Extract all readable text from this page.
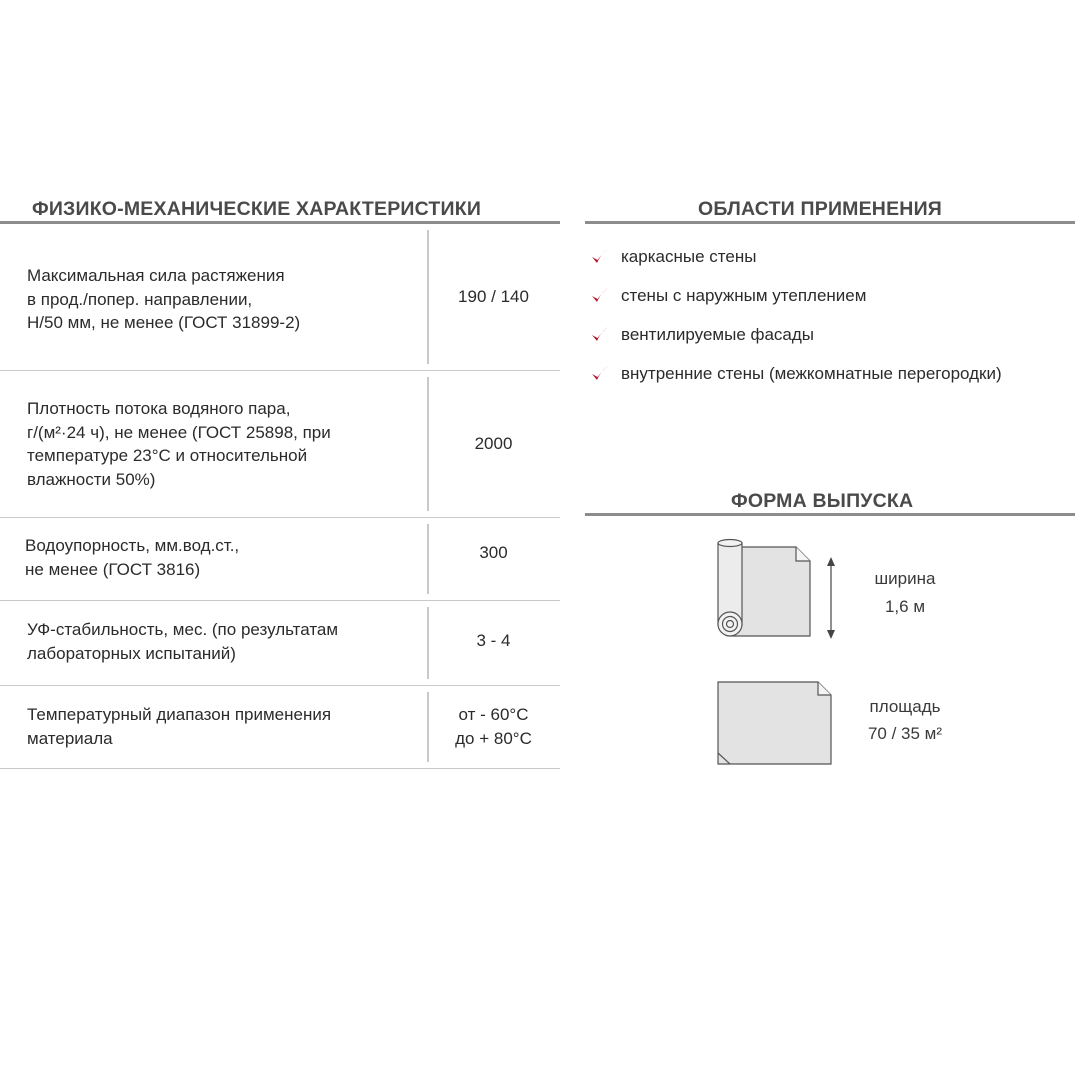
ФИЗИКО-МЕХАНИЧЕСКИЕ ХАРАКТЕРИСТИКИ
Максимальная сила растяжения
в прод./попер. направлении,
Н/50 мм, не менее (ГОСТ 31899-2)
190 / 140
Плотность потока водяного пара,
г/(м²·24 ч), не менее (ГОСТ 25898, при
температуре 23°С и относительной
влажности 50%)
2000
Водоупорность, мм.вод.ст.,
не менее (ГОСТ 3816)
300
УФ-стабильность, мес. (по результатам
лабораторных испытаний)
3 - 4
Температурный диапазон применения
материала
от - 60°С
до + 80°С
ОБЛАСТИ ПРИМЕНЕНИЯ
каркасные стены
стены с наружным утеплением
вентилируемые фасады
внутренние стены (межкомнатные перегородки)
ФОРМА ВЫПУСКА
ширина
1,6 м
площадь
70 / 35 м²
